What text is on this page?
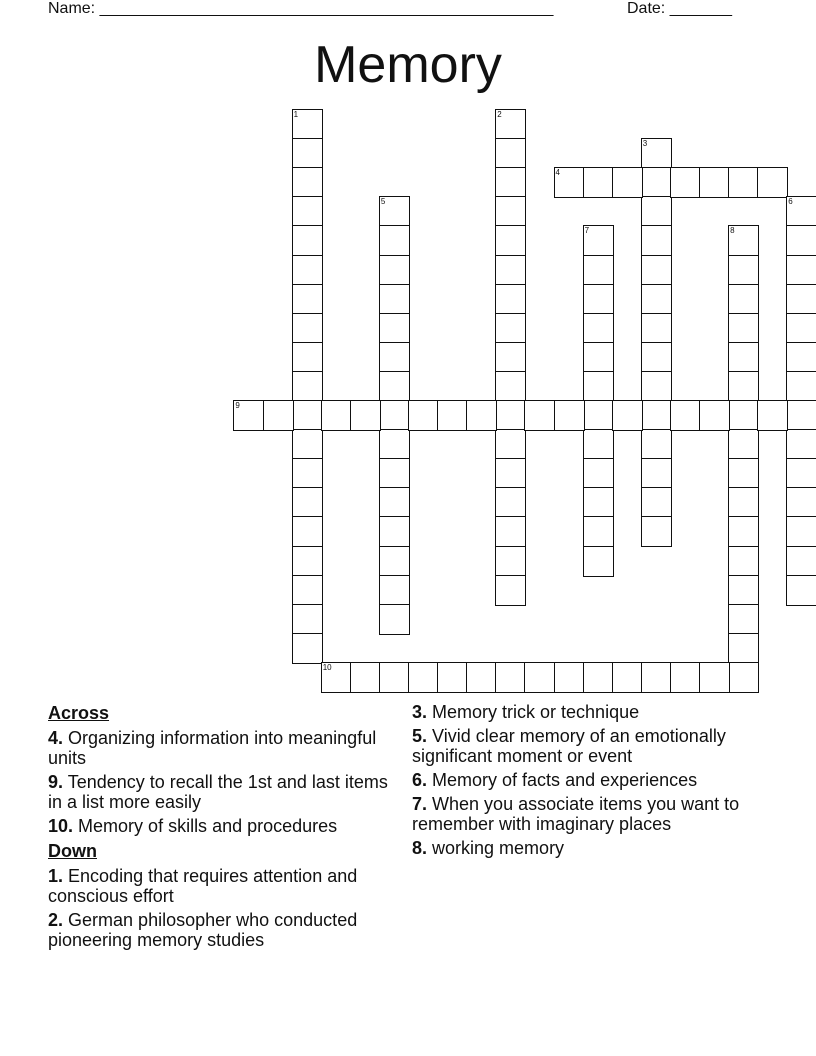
Name: ___________________________________________________	Date: _______
Memory
1	2
3
4
5	6
7	8
9
10
Across
4. Organizing information into meaningful units
9. Tendency to recall the 1st and last items in a list more easily
10. Memory of skills and procedures
Down
1. Encoding that requires attention and conscious effort
2. German philosopher who conducted pioneering memory studies
3. Memory trick or technique
5. Vivid clear memory of an emotionally significant moment or event
6. Memory of facts and experiences
7. When you associate items you want to remember with imaginary places
8. working memory
